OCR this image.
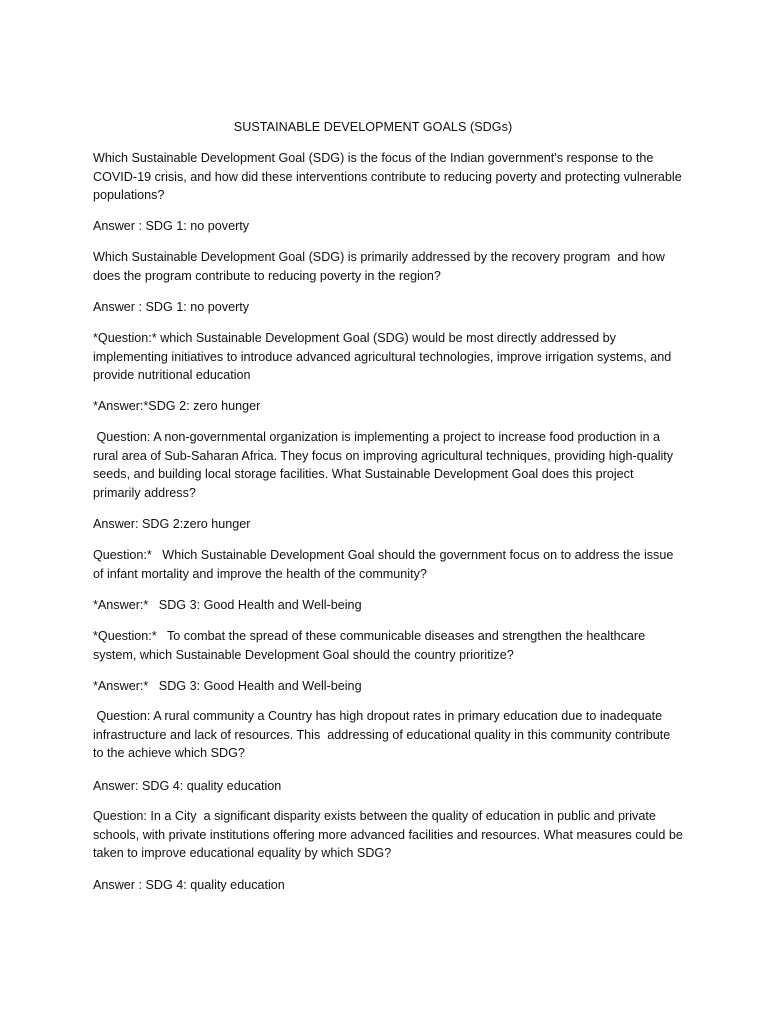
SUSTAINABLE DEVELOPMENT GOALS (SDGs)

Which Sustainable Development Goal (SDG) is the focus of the Indian government's response to the COVID-19 crisis, and how did these interventions contribute to reducing poverty and protecting vulnerable populations?

Answer : SDG 1: no poverty

Which Sustainable Development Goal (SDG) is primarily addressed by the recovery program  and how does the program contribute to reducing poverty in the region?

Answer : SDG 1: no poverty

*Question:* which Sustainable Development Goal (SDG) would be most directly addressed by implementing initiatives to introduce advanced agricultural technologies, improve irrigation systems, and provide nutritional education

*Answer:*SDG 2: zero hunger

Question: A non-governmental organization is implementing a project to increase food production in a rural area of Sub-Saharan Africa. They focus on improving agricultural techniques, providing high-quality seeds, and building local storage facilities. What Sustainable Development Goal does this project primarily address?

Answer: SDG 2:zero hunger

Question:*   Which Sustainable Development Goal should the government focus on to address the issue of infant mortality and improve the health of the community?

*Answer:*   SDG 3: Good Health and Well-being

*Question:*   To combat the spread of these communicable diseases and strengthen the healthcare system, which Sustainable Development Goal should the country prioritize?

*Answer:*   SDG 3: Good Health and Well-being

Question: A rural community a Country has high dropout rates in primary education due to inadequate infrastructure and lack of resources. This  addressing of educational quality in this community contribute to the achieve which SDG?

Answer: SDG 4: quality education

Question: In a City  a significant disparity exists between the quality of education in public and private schools, with private institutions offering more advanced facilities and resources. What measures could be taken to improve educational equality by which SDG?

Answer : SDG 4: quality education
